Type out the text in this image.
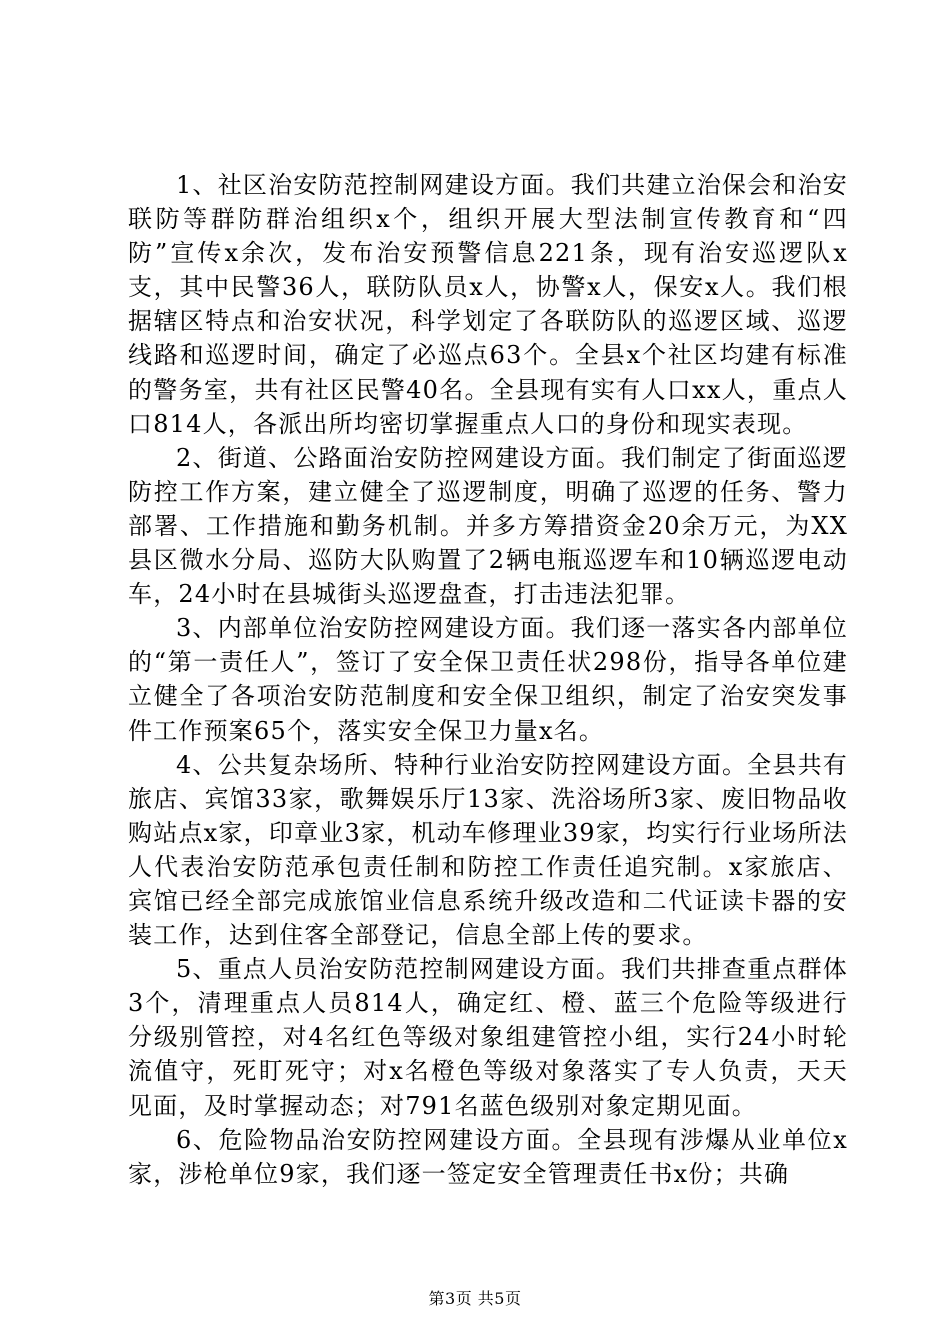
1、社区治安防范控制网建设方面。我们共建立治保会和治安联防等群防群治组织x个，组织开展大型法制宣传教育和“四防”宣传x余次，发布治安预警信息221条，现有治安巡逻队x支，其中民警36人，联防队员x人，协警x人，保安x人。我们根据辖区特点和治安状况，科学划定了各联防队的巡逻区域、巡逻线路和巡逻时间，确定了必巡点63个。全县x个社区均建有标准的警务室，共有社区民警40名。全县现有实有人口xx人，重点人口814人，各派出所均密切掌握重点人口的身份和现实表现。

2、街道、公路面治安防控网建设方面。我们制定了街面巡逻防控工作方案，建立健全了巡逻制度，明确了巡逻的任务、警力部署、工作措施和勤务机制。并多方筹措资金20余万元，为XX县区微水分局、巡防大队购置了2辆电瓶巡逻车和10辆巡逻电动车，24小时在县城街头巡逻盘查，打击违法犯罪。

3、内部单位治安防控网建设方面。我们逐一落实各内部单位的“第一责任人”，签订了安全保卫责任状298份，指导各单位建立健全了各项治安防范制度和安全保卫组织，制定了治安突发事件工作预案65个，落实安全保卫力量x名。

4、公共复杂场所、特种行业治安防控网建设方面。全县共有旅店、宾馆33家，歌舞娱乐厅13家、洗浴场所3家、废旧物品收购站点x家，印章业3家，机动车修理业39家，均实行行业场所法人代表治安防范承包责任制和防控工作责任追究制。x家旅店、宾馆已经全部完成旅馆业信息系统升级改造和二代证读卡器的安装工作，达到住客全部登记，信息全部上传的要求。

5、重点人员治安防范控制网建设方面。我们共排查重点群体3个，清理重点人员814人，确定红、橙、蓝三个危险等级进行分级别管控，对4名红色等级对象组建管控小组，实行24小时轮流值守，死盯死守；对x名橙色等级对象落实了专人负责，天天见面，及时掌握动态；对791名蓝色级别对象定期见面。

6、危险物品治安防控网建设方面。全县现有涉爆从业单位x家，涉枪单位9家，我们逐一签定安全管理责任书x份；共确

第3页 共5页
